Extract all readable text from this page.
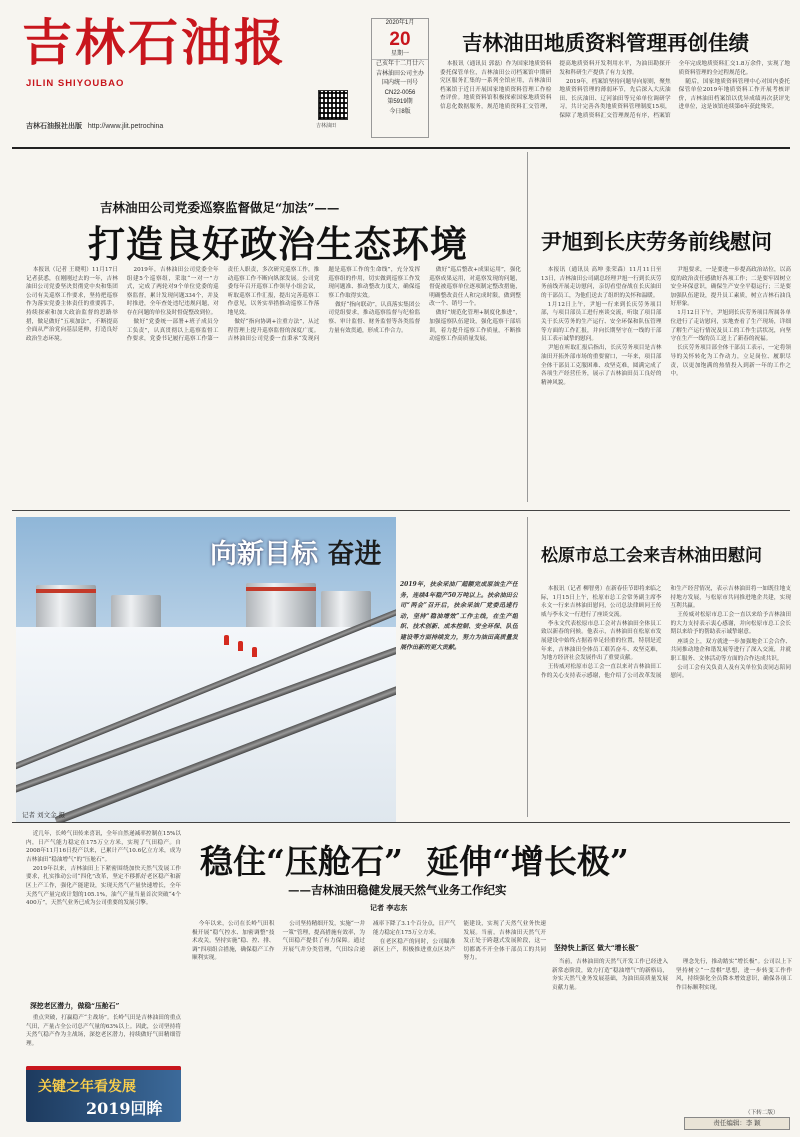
吉林石油报
JILIN SHIYOUBAO
吉林石油报社出版 http://www.jlit.petrochina	吉林油田
2020年1月
20
星期一
己亥年十二月廿六
吉林油田公司主办
国内统一刊号
CN22-0056
第5919期
今日8版
吉林油田地质资料管理再创佳绩

本报讯（通讯员 郭磊）作为国家地质资料委托保管单位，吉林油田公司档案馆中期研究区服务汇集的一系列全馆应用，吉林油田档案馆于近日开展国家地质资料管理工作检查评价。地质资料馆积极探索国家地质资料信息化数据服务，规范地质资料汇交管理，提高地质资料开发利用水平，为油田勘探开发和科研生产提供了有力支撑。

2019年，档案馆坚持问题导向原则，聚焦地质资料管理的薄弱环节，先后深入大庆油田、长庆油田、辽河油田等兄弟单位调研学习，共计完善各类地质资料管理制度15项，保障了地质资料汇交管理规范有序，档案馆全年完成地质资料汇交1.8万余件，实现了地质资料管理的全过程规范化。

随后，国家地质资料管理中心对国内委托保管单位2019年地质资料工作开展考核评价，吉林油田档案馆以优异成绩再次获评先进单位，这是该馆连续第6年获此殊荣。

吉林油田公司党委巡察监督做足“加法”——
打造良好政治生态环境

本报讯（记者 王晓明）11月17日记者获悉，在刚刚过去的一年，吉林油田公司党委坚决贯彻党中央和集团公司有关巡察工作要求，坚持把巡察作为落实党委主体责任的重要抓手，持续探索和加大政治监督的思路举措，做足做好“五项加法”，不断提高全面从严治党向基层延伸，打造良好政治生态环境。

2019年，吉林油田公司党委全年组建5个巡察组，采取“一对一”方式，完成了两轮对9个单位党委的巡察监督，累计发现问题334个，并及时推进，全年查处违纪违规问题，对存在问题的单位及时督促整改到位。

做好“党委统一部署+班子成员分工负责”，认真贯彻以上巡察监督工作要求，党委书记履行巡察工作第一责任人职责，多次研究巡察工作，推动巡察工作不断向纵深发展。公司党委每年召开巡察工作领导小组会议，听取巡察工作汇报，提出完善巡察工作意见，以务实举措推动巡察工作落地见效。

做好“指向协调+注重方法”，从过程管理上提升巡察监督的深度广度。吉林油田公司党委一直秉承“发现问题是巡察工作的生命线”，充分发挥巡察组的作用，切实做到巡察工作发现问题准、推动整改力度大，确保巡察工作取得实效。

做好“指向联动”，认真落实集团公司党组要求，推动巡察监督与纪检监察、审计监督、财务监督等各类监督力量有效贯通，形成工作合力。

做好“巡后整改+成果运用”，强化巡察成果运用，对巡察发现的问题，督促被巡察单位逐项制定整改措施，明确整改责任人和完成时限，做到整改一个、销号一个。

做好“规范化管理+制度化推进”，加强巡察队伍建设，强化巡察干部培训，着力提升巡察工作质量，不断推动巡察工作高质量发展。

尹旭到长庆劳务前线慰问

本报讯（通讯员 高坤 张荣森）11月11日至13日，吉林油田公司副总经理尹旭一行到长庆劳务前线开展走访慰问，亲切看望奋战在长庆油田的干部员工，为他们送去了组织的关怀和温暖。

1月12日上午，尹旭一行来到长庆劳务项目部，与项目部员工进行座谈交流，听取了项目部关于长庆劳务的生产运行、安全环保和队伍管理等方面的工作汇报，并向长期坚守在一线的干部员工表示诚挚的慰问。

尹旭在听取汇报后指出，长庆劳务项目是吉林油田开拓外部市场的重要窗口，一年来，项目部全体干部员工克服困难、攻坚克难，圆满完成了各项生产经营任务，展示了吉林油田员工良好的精神风貌。

尹旭要求，一是要进一步提高政治站位，以高度的政治责任感做好各项工作；二是要牢固树立安全环保意识，确保生产安全平稳运行；三是要加强队伍建设，提升员工素质，树立吉林石油良好形象。

1月12日下午，尹旭到长庆劳务项目所属各单位进行了走访慰问，实地查看了生产现场，详细了解生产运行情况及员工的工作生活状况，向坚守在生产一线的员工送上了新春的祝福。

长庆劳务项目部全体干部员工表示，一定将领导的关怀转化为工作动力，立足岗位、履职尽责，以更加饱满的热情投入到新一年的工作之中。

记者 刘文金 摄
向新目标 奋进
2019年，扶余采油厂超额完成原油生产任务，连续4年稳产50万吨以上。扶余油田公司“两会”召开后，扶余采油厂党委迅速行动，坚持“稳油增效”工作主线，在生产组织、技术创新、成本控制、安全环保、队伍建设等方面持续发力，努力为油田高质量发展作出新的更大贡献。
松原市总工会来吉林油田慰问

本报讯（记者 柳智勇）在新春佳节即将来临之际，1月15日上午，松原市总工会常务副主席李永文一行来吉林油田慰问，公司总法律顾问王传威与李永文一行进行了座谈交流。

李永文代表松原市总工会对吉林油田全体员工致以新春的问候。他表示，吉林油田在松原市发展建设中始终占据着举足轻重的位置，特别是近年来，吉林油田全体员工艰苦奋斗、攻坚克难，为地方经济社会发展作出了重要贡献。

王传威对松原市总工会一直以来对吉林油田工作的关心支持表示感谢，他介绍了公司改革发展和生产经营情况，表示吉林油田将一如既往地支持地方发展，与松原市共同推进地企共建，实现互利共赢。

王传威对松原市总工会一直以来给予吉林油田的大力支持表示衷心感谢，并向松原市总工会长期以来给予的帮助表示诚挚谢意。

座谈会上，双方就进一步加强地企工会合作、共同推动地企和谐发展等进行了深入交流，并就职工服务、文体活动等方面的合作达成共识。

公司工会有关负责人及有关单位负责同志陪同慰问。

近几年，长岭气田传来喜讯，全年自然递减率控制在15%以内，日产气能力稳定在175万立方米，实现了气田稳产。自2008年11月16日投产以来，已累计产气10.6亿立方米，成为吉林油田“稳油增气”的“压舱石”。

2019年以来，吉林油田上下紧密围绕加快天然气发展工作要求，扎实推动公司“四化”改革，坚定不移抓好老区稳产和新区上产工作，强化产能建设，实现天然气产量快速增长，全年天然气产量完成计划的105.1%，油气产量当量首次突破“4个400万”，天然气业务已成为公司重要的发展引擎。

深挖老区潜力，做稳“压舱石”

重点突破，打赢稳产“主战场”。长岭气田是吉林油田的重点气田，产量占全公司总产气量的63%以上。因此，公司坚持将天然气稳产作为主战场，深挖老区潜力，持续做好气田精细管理。

稳住“压舱石”  延伸“增长极”
——吉林油田稳健发展天然气业务工作纪实
记者 李志东

今年以来，公司在长岭气田积极开展“稳气控水、加密调整”技术攻关，坚持实施“稳、控、排、调”四项组合措施，确保稳产工作顺利实现。

公司坚持精细开发，实施“一井一策”管理，提高措施有效率，为气田稳产提供了有力保障。通过开展气井分类管理，气田综合递减率下降了3.1个百分点，日产气能力稳定在175万立方米。

在老区稳产的同时，公司瞄准新区上产，积极推进重点区块产能建设，实现了天然气业务快速发展。当前，吉林油田天然气开发正处于跨越式发展阶段，这一切都离不开全体干部员工的共同努力。

坚持快上新区 做大“增长极”

当前，吉林油田的天然气开发工作已经进入新常态阶段，致力打造“稳油增气”的新格局，夯实天然气业务发展基础，为油田高质量发展贡献力量。

理念先行，推动踏实“增长极”。公司以上下坚持树立“一盘棋”思想，进一步转变工作作风，持续强化全员降本增效意识，确保各项工作目标顺利实现。

（下转二版）
关键之年看发展
2019回眸
责任编辑：李 颖
